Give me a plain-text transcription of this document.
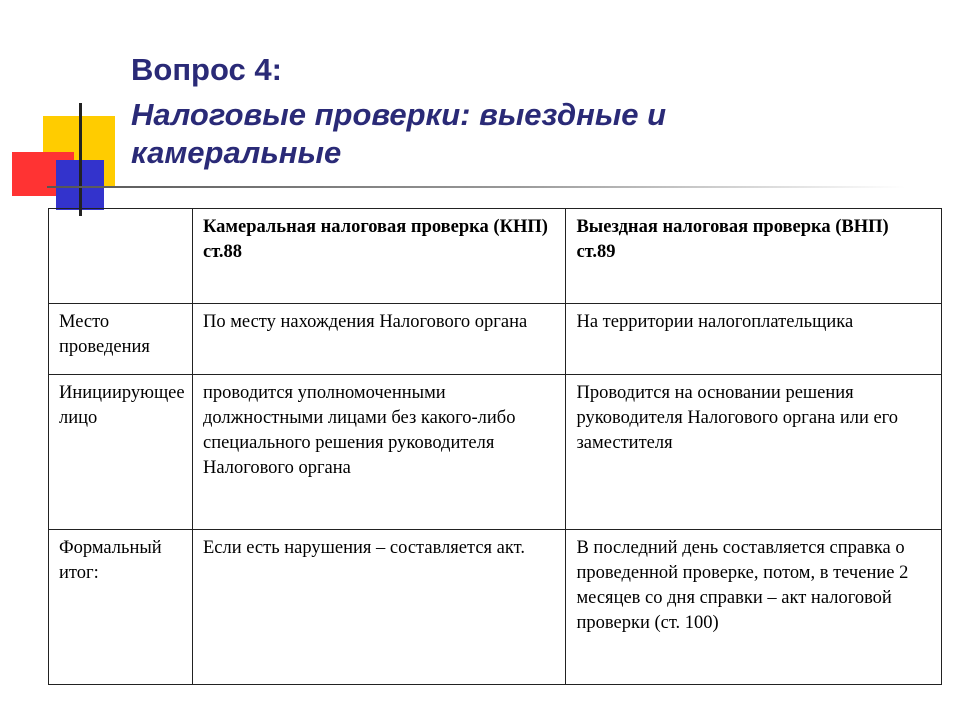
Вопрос 4:
Налоговые проверки: выездные и камеральные
	Камеральная налоговая проверка (КНП) ст.88	Выездная налоговая проверка (ВНП) ст.89
Место проведения	По месту нахождения Налогового органа	На территории налогоплательщика
Инициирующее лицо	проводится уполномоченными должностными лицами без какого-либо специального решения руководителя Налогового органа	Проводится на основании решения руководителя Налогового органа или его заместителя
Формальный итог:	Если есть нарушения – составляется акт.	В последний день составляется справка о проведенной проверке, потом, в течение 2 месяцев со дня справки – акт налоговой проверки (ст. 100)
